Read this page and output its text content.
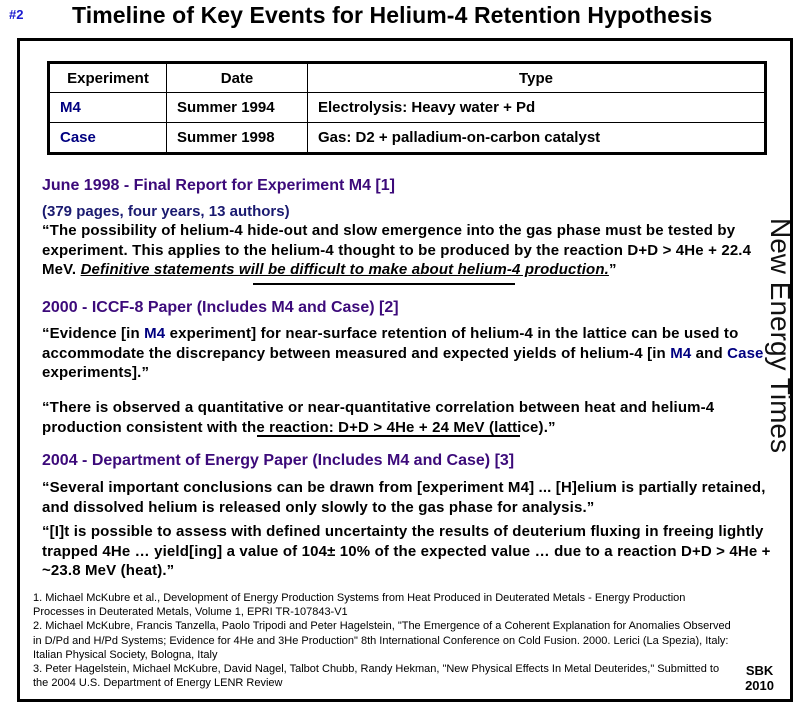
#2 Timeline of Key Events for Helium-4 Retention Hypothesis
Experiment	Date	Type
M4	Summer 1994	Electrolysis: Heavy water + Pd
Case	Summer 1998	Gas: D2 + palladium-on-carbon catalyst
June 1998 - Final Report for Experiment M4 [1]
(379 pages, four years, 13 authors)
“The possibility of helium-4 hide-out and slow emergence into the gas phase must be tested by experiment. This applies to the helium-4 thought to be produced by the reaction D+D > 4He + 22.4 MeV. Definitive statements will be difficult to make about helium-4 production.”
2000 - ICCF-8 Paper (Includes M4 and Case) [2]
“Evidence [in M4 experiment] for near-surface retention of helium-4 in the lattice can be used to accommodate the discrepancy between measured and expected yields of helium-4 [in M4 and Case experiments].”
“There is observed a quantitative or near-quantitative correlation between heat and helium-4 production consistent with the reaction: D+D > 4He + 24 MeV (lattice).”
2004 - Department of Energy Paper (Includes M4 and Case) [3]
“Several important conclusions can be drawn from [experiment M4] ... [H]elium is partially retained, and dissolved helium is released only slowly to the gas phase for analysis.”
“[I]t is possible to assess with defined uncertainty the results of deuterium fluxing in freeing lightly trapped 4He … yield[ing] a value of 104± 10% of the expected value … due to a reaction D+D > 4He + ~23.8 MeV (heat).”
1. Michael McKubre et al., Development of Energy Production Systems from Heat Produced in Deuterated Metals - Energy Production Processes in Deuterated Metals, Volume 1, EPRI TR-107843-V1
2. Michael McKubre, Francis Tanzella, Paolo Tripodi and Peter Hagelstein, "The Emergence of a Coherent Explanation for Anomalies Observed in D/Pd and H/Pd Systems; Evidence for 4He and 3He Production" 8th International Conference on Cold Fusion. 2000. Lerici (La Spezia), Italy: Italian Physical Society, Bologna, Italy
3. Peter Hagelstein, Michael McKubre, David Nagel, Talbot Chubb, Randy Hekman, "New Physical Effects In Metal Deuterides," Submitted to the 2004 U.S. Department of Energy LENR Review
SBK
2010
New Energy Times
